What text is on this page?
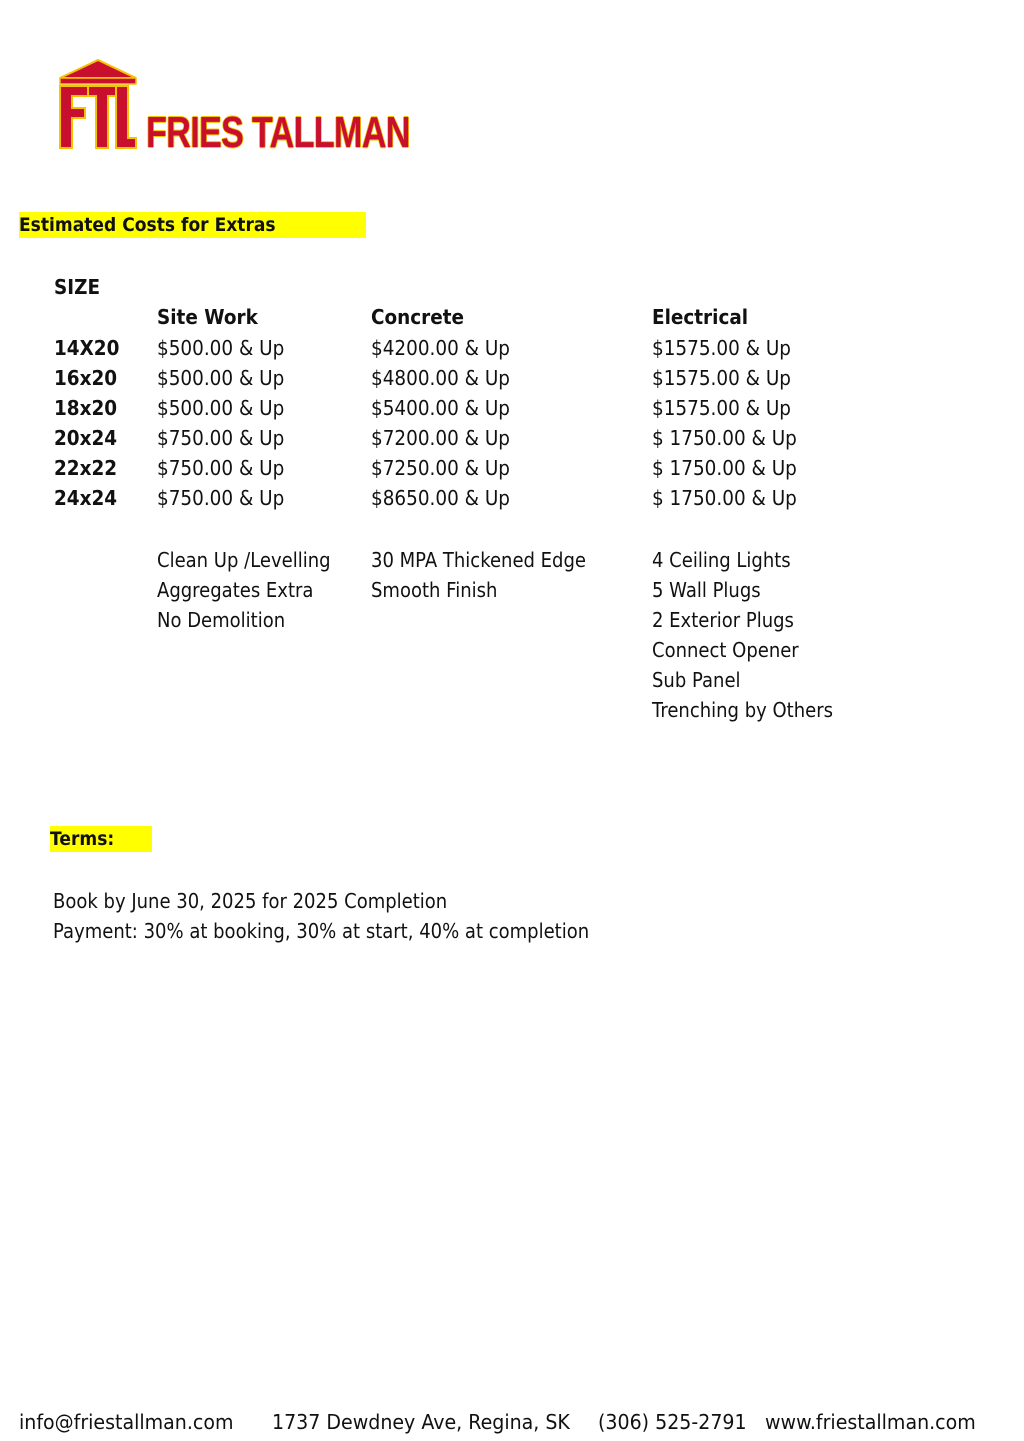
FRIES TALLMAN
Estimated Costs for Extras
SIZE
Site Work	Concrete	Electrical
14X20 $500.00 & Up	$4200.00 & Up	$1575.00 & Up
16x20 $500.00 & Up	$4800.00 & Up	$1575.00 & Up
18x20 $500.00 & Up	$5400.00 & Up	$1575.00 & Up
20x24 $750.00 & Up	$7200.00 & Up	$ 1750.00 & Up
22x22 $750.00 & Up	$7250.00 & Up	$ 1750.00 & Up
24x24 $750.00 & Up	$8650.00 & Up	$ 1750.00 & Up
Clean Up /Levelling
Aggregates Extra
No Demolition
30 MPA Thickened Edge
Smooth Finish
4 Ceiling Lights
5 Wall Plugs
2 Exterior Plugs
Connect Opener
Sub Panel
Trenching by Others
Terms:
Book by June 30, 2025 for 2025 Completion
Payment: 30% at booking, 30% at start, 40% at completion
info@friestallman.com 1737 Dewdney Ave, Regina, SK (306) 525-2791 www.friestallman.com
